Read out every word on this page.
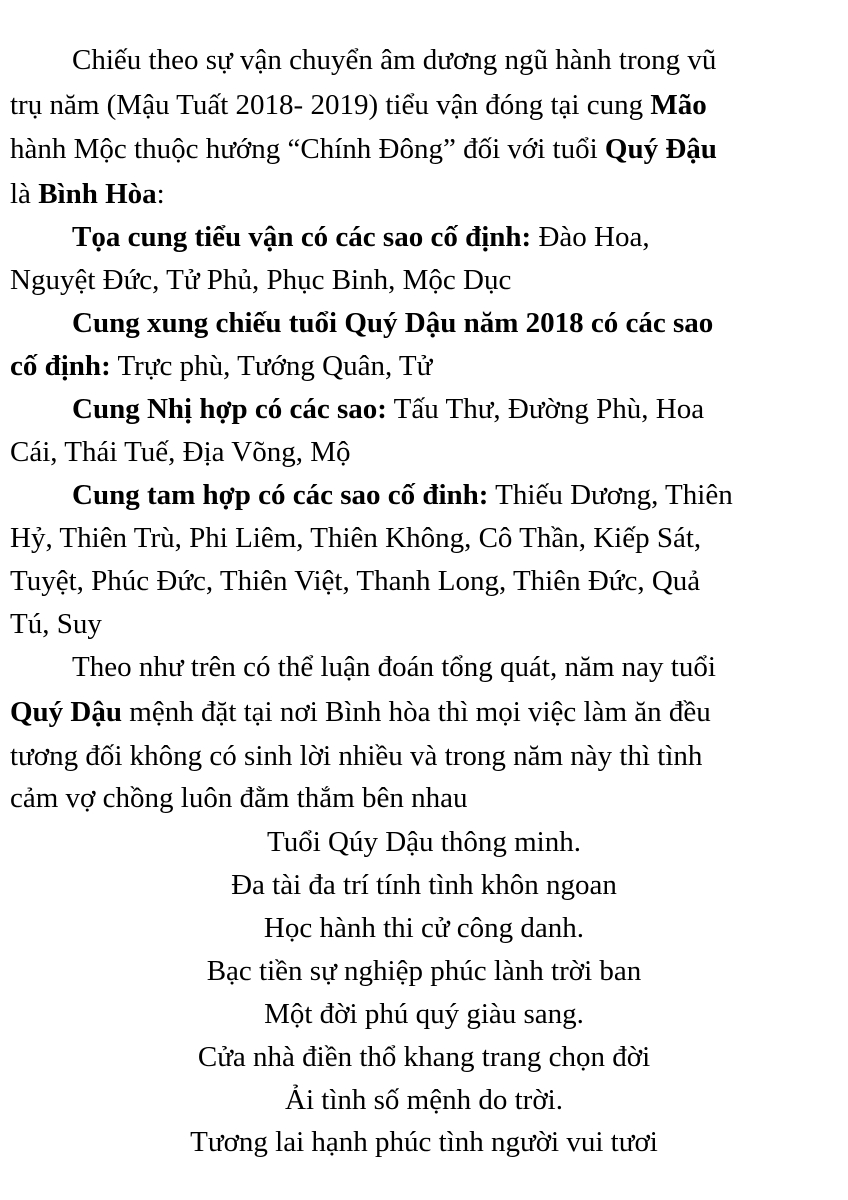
Chiếu theo sự vận chuyển âm dương ngũ hành trong vũ
trụ năm (Mậu Tuất 2018- 2019) tiểu vận đóng tại cung Mão
hành Mộc thuộc hướng “Chính Đông” đối với tuổi Quý Đậu
là Bình Hòa:
Tọa cung tiểu vận có các sao cố định: Đào Hoa,
Nguyệt Đức, Tử Phủ, Phục Binh, Mộc Dục
Cung xung chiếu tuổi Quý Dậu năm 2018 có các sao
cố định: Trực phù, Tướng Quân, Tử
Cung Nhị hợp có các sao: Tấu Thư, Đường Phù, Hoa
Cái, Thái Tuế, Địa Võng, Mộ
Cung tam hợp có các sao cố đinh: Thiếu Dương, Thiên
Hỷ, Thiên Trù, Phi Liêm, Thiên Không, Cô Thần, Kiếp Sát,
Tuyệt, Phúc Đức, Thiên Việt, Thanh Long, Thiên Đức, Quả
Tú, Suy
Theo như trên có thể luận đoán tổng quát, năm nay tuổi
Quý Dậu mệnh đặt tại nơi Bình hòa thì mọi việc làm ăn đều
tương đối không có sinh lời nhiều và trong năm này thì tình
cảm vợ chồng luôn đằm thắm bên nhau
Tuổi Qúy Dậu thông minh.
Đa tài đa trí tính tình khôn ngoan
Học hành thi cử công danh.
Bạc tiền sự nghiệp phúc lành trời ban
Một đời phú quý giàu sang.
Cửa nhà điền thổ khang trang chọn đời
Ải tình số mệnh do trời.
Tương lai hạnh phúc tình người vui tươi
